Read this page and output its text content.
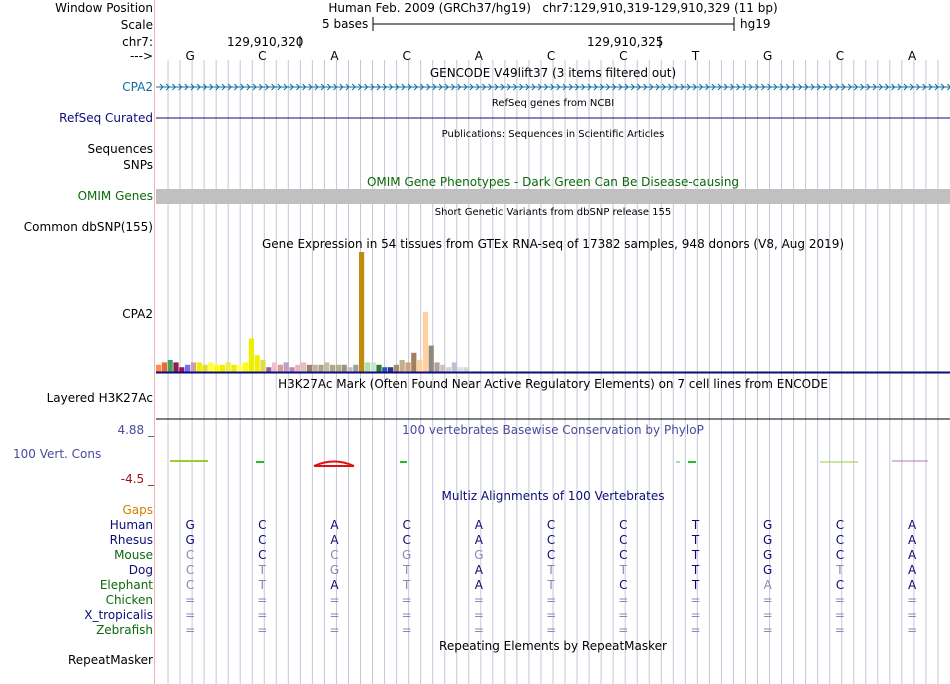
Window Position
Scale
chr7:
--->
Human Feb. 2009 (GRCh37/hg19)   chr7:129,910,319-129,910,329 (11 bp)
5 bases	hg19
129,910,320	129,910,325
G	C	A	C	A	C	C	T	G	C	A
GENCODE V49lift37 (3 items filtered out)
CPA2
RefSeq genes from NCBI
RefSeq Curated
Publications: Sequences in Scientific Articles
Sequences
SNPs
OMIM Gene Phenotypes - Dark Green Can Be Disease-causing
OMIM Genes
Short Genetic Variants from dbSNP release 155
Common dbSNP(155)
Gene Expression in 54 tissues from GTEx RNA-seq of 17382 samples, 948 donors (V8, Aug 2019)
CPA2
H3K27Ac Mark (Often Found Near Active Regulatory Elements) on 7 cell lines from ENCODE
Layered H3K27Ac
100 vertebrates Basewise Conservation by PhyloP
4.88 _
100 Vert. Cons
-4.5 _
Multiz Alignments of 100 Vertebrates
Gaps
Human	G	C	A	C	A	C	C	T	G	C	A
Rhesus	G	C	A	C	A	C	C	T	G	C	A
Mouse	C	C	C	G	G	C	C	T	G	C	A
Dog	C	T	G	T	A	T	T	T	G	T	A
Elephant	C	T	A	T	A	T	C	T	A	C	A
Chicken	=	=	=	=	=	=	=	=	=	=	=
X_tropicalis	=	=	=	=	=	=	=	=	=	=	=
Zebrafish	=	=	=	=	=	=	=	=	=	=	=
Repeating Elements by RepeatMasker
RepeatMasker
